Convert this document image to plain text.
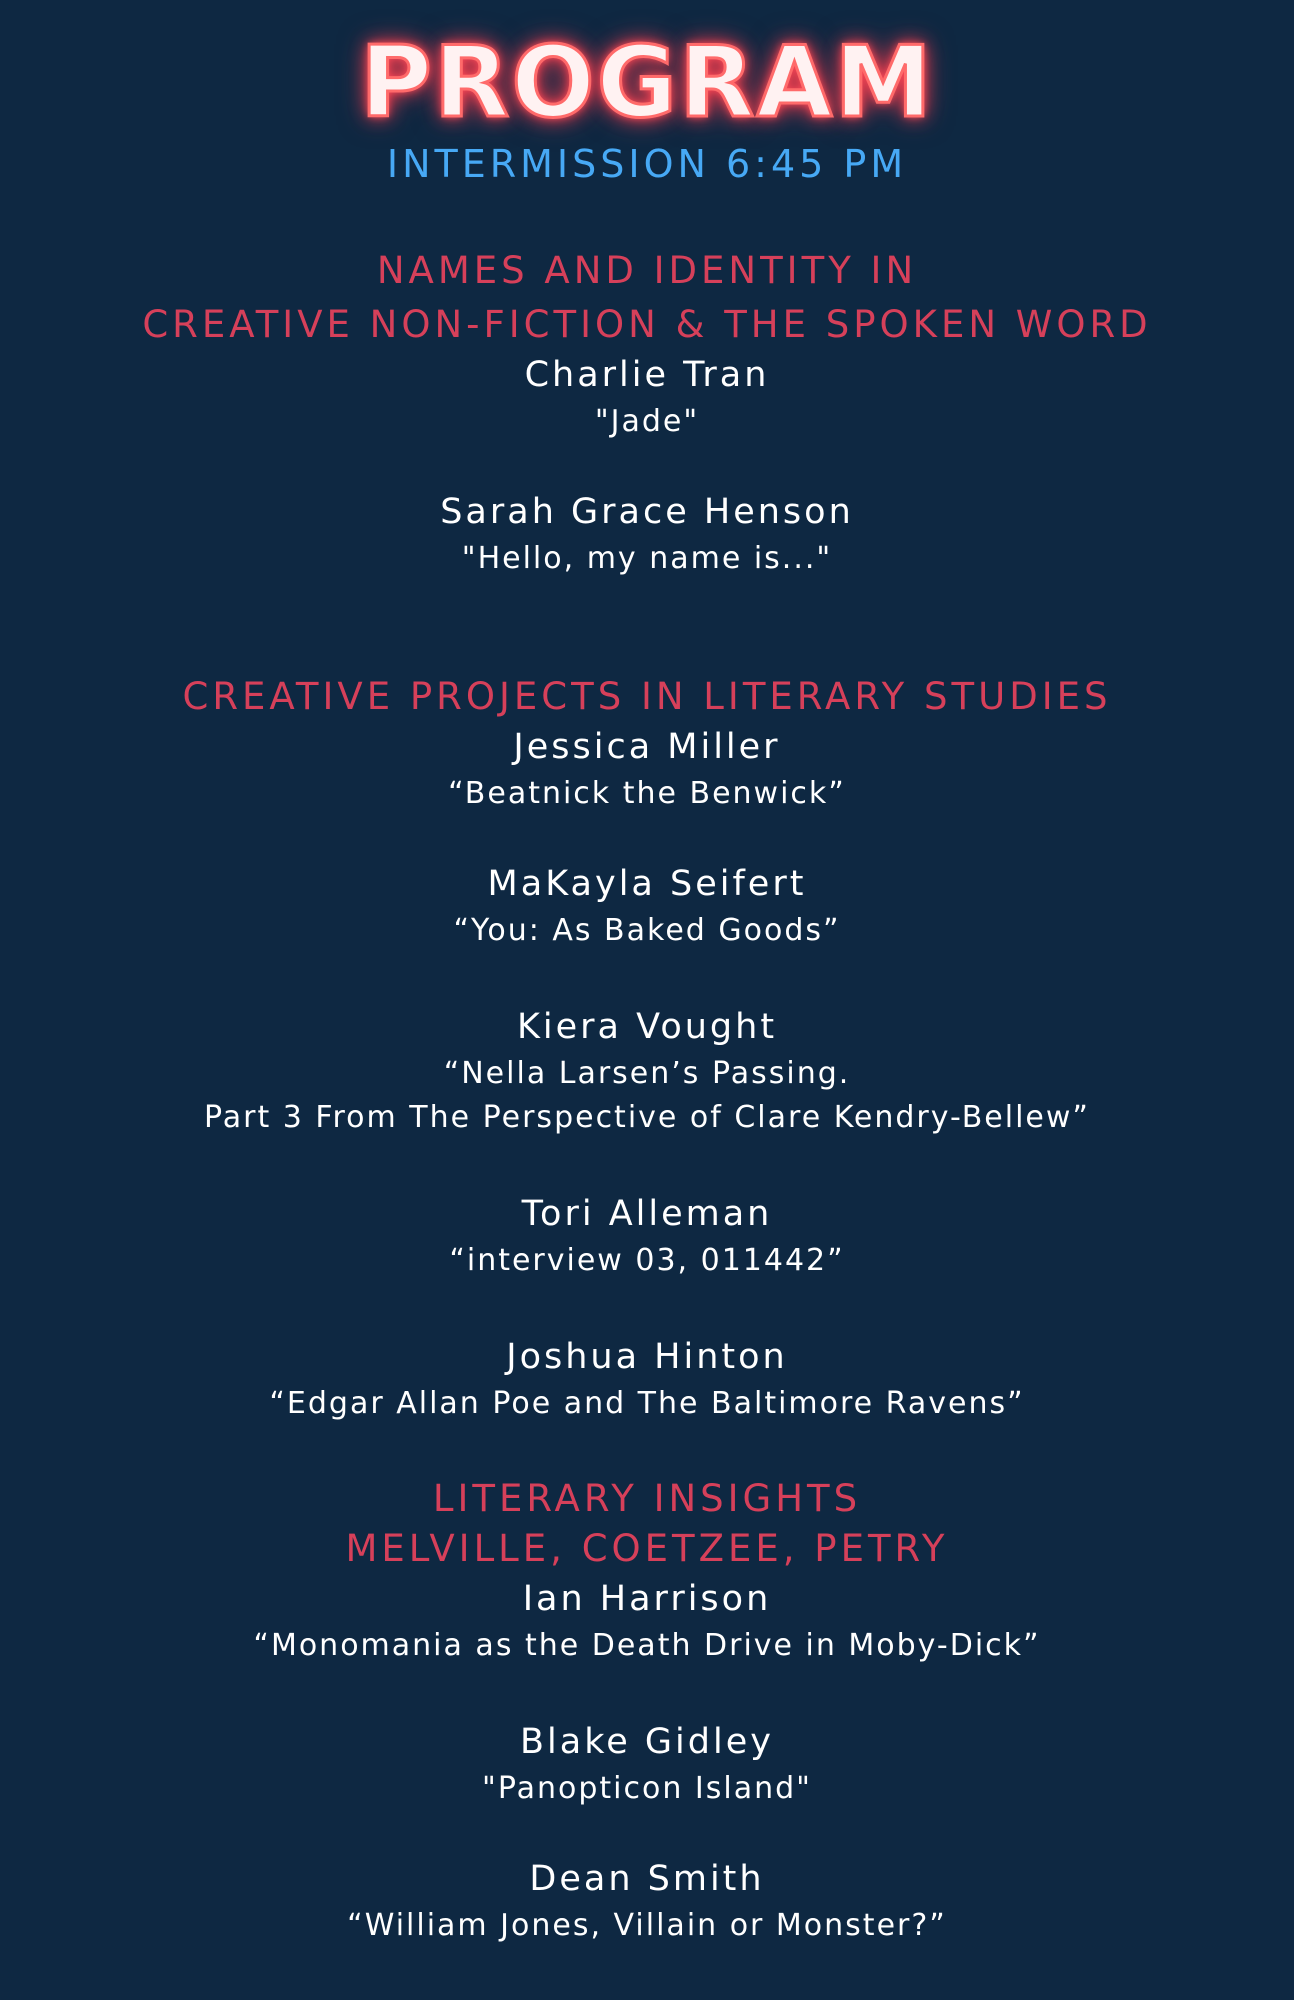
PROGRAM
INTERMISSION 6:45 PM
NAMES AND IDENTITY IN
CREATIVE NON-FICTION & THE SPOKEN WORD
Charlie Tran
"Jade"
Sarah Grace Henson
"Hello, my name is..."
CREATIVE PROJECTS IN LITERARY STUDIES
Jessica Miller
“Beatnick the Benwick”
MaKayla Seifert
“You: As Baked Goods”
Kiera Vought
“Nella Larsen’s Passing.
Part 3 From The Perspective of Clare Kendry-Bellew”
Tori Alleman
“interview 03, 011442”
Joshua Hinton
“Edgar Allan Poe and The Baltimore Ravens”
LITERARY INSIGHTS
MELVILLE, COETZEE, PETRY
Ian Harrison
“Monomania as the Death Drive in Moby-Dick”
Blake Gidley
"Panopticon Island"
Dean Smith
“William Jones, Villain or Monster?”
